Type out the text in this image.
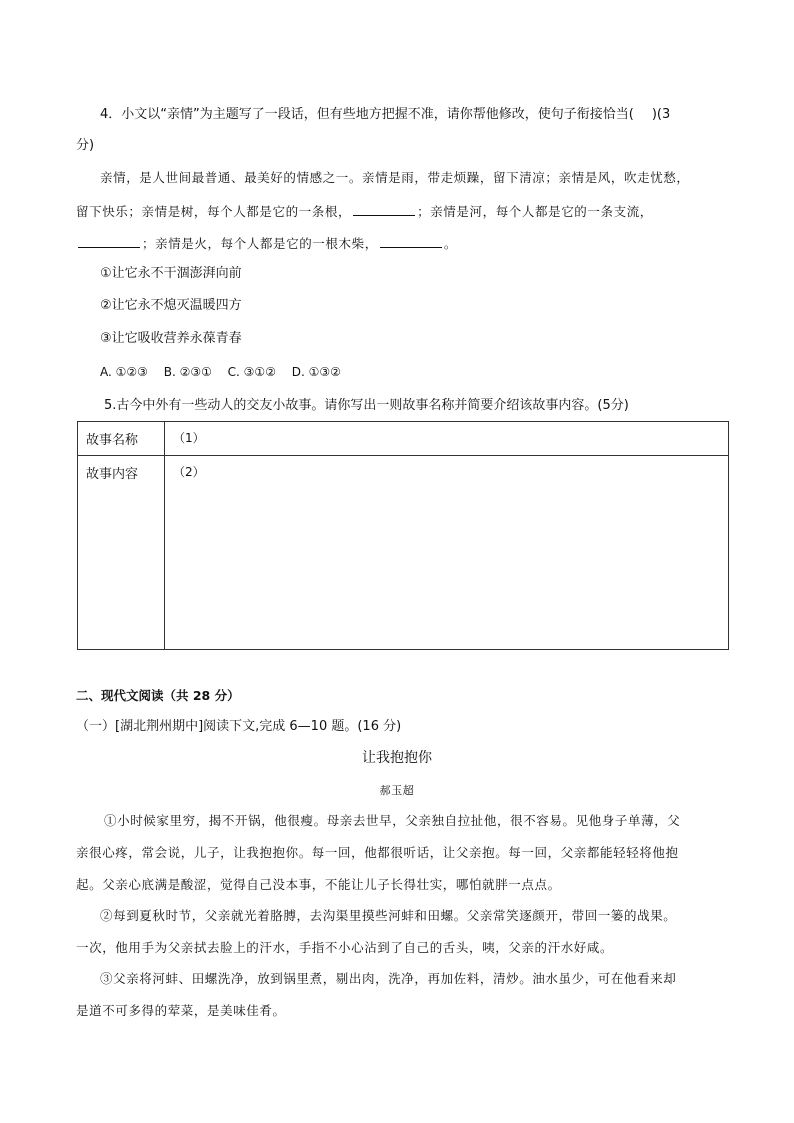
4．小文以“亲情”为主题写了一段话，但有些地方把握不准，请你帮他修改，使句子衔接恰当( )(3
分)
亲情，是人世间最普通、最美好的情感之一。亲情是雨，带走烦躁，留下清凉；亲情是风，吹走忧愁，
留下快乐；亲情是树，每个人都是它的一条根，	；亲情是河，每个人都是它的一条支流，
；亲情是火，每个人都是它的一根木柴，	。
①让它永不干涸澎湃向前
②让它永不熄灭温暖四方
③让它吸收营养永葆青春
A. ①②③　 B. ②③①　 C. ③①②　 D. ①③②
5.古今中外有一些动人的交友小故事。请你写出一则故事名称并简要介绍该故事内容。(5分)
故事名称	（1）
故事内容	（2）
二、现代文阅读（共 28 分）
（一）[湖北荆州期中]阅读下文,完成 6—10 题。(16 分)
让我抱抱你
郝玉超
①小时候家里穷，揭不开锅，他很瘦。母亲去世早，父亲独自拉扯他，很不容易。见他身子单薄，父
亲很心疼，常会说，儿子，让我抱抱你。每一回，他都很听话，让父亲抱。每一回，父亲都能轻轻将他抱
起。父亲心底满是酸涩，觉得自己没本事，不能让儿子长得壮实，哪怕就胖一点点。
②每到夏秋时节，父亲就光着胳膊，去沟渠里摸些河蚌和田螺。父亲常笑逐颜开，带回一篓的战果。
一次，他用手为父亲拭去脸上的汗水，手指不小心沾到了自己的舌头，咦，父亲的汗水好咸。
③父亲将河蚌、田螺洗净，放到锅里煮，剔出肉，洗净，再加佐料，清炒。油水虽少，可在他看来却
是道不可多得的荤菜，是美味佳肴。
